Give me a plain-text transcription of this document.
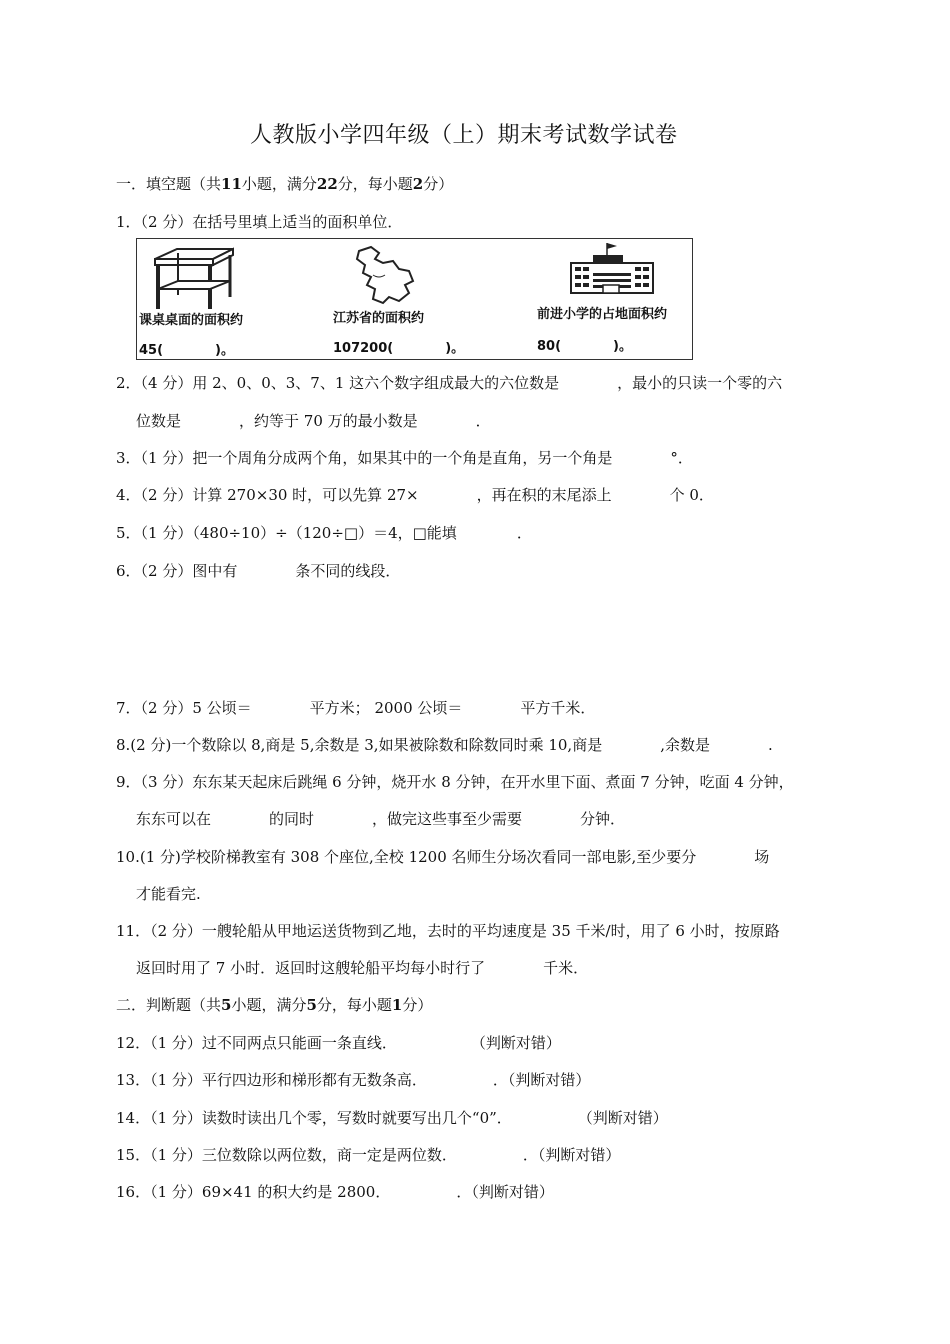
人教版小学四年级（上）期末考试数学试卷
一．填空题（共11小题，满分22分，每小题2分）
1．（2 分）在括号里填上适当的面积单位．
课桌桌面的面积约	江苏省的面积约	前进小学的占地面积约
45(　　　　)。	107200(　　　　)。	80(　　　　)。
2．（4 分）用 2、0、0、3、7、1 这六个数字组成最大的六位数是	，最小的只读一个零的六
位数是	，约等于 70 万的最小数是	．
3．（1 分）把一个周角分成两个角，如果其中的一个角是直角，另一个角是	°．
4．（2 分）计算 270×30 时，可以先算 27×	，再在积的末尾添上	个 0．
5．（1 分）（480÷10）÷（120÷□）＝4，□能填	．
6．（2 分）图中有	条不同的线段．
7．（2 分）5 公顷＝	平方米； 2000 公顷＝	平方千米．
8.(2 分)一个数除以 8,商是 5,余数是 3,如果被除数和除数同时乘 10,商是	,余数是	.
9．（3 分）东东某天起床后跳绳 6 分钟，烧开水 8 分钟，在开水里下面、煮面 7 分钟，吃面 4 分钟，
东东可以在	的同时	，做完这些事至少需要	分钟．
10.(1 分)学校阶梯教室有 308 个座位,全校 1200 名师生分场次看同一部电影,至少要分	场
才能看完.
11．（2 分）一艘轮船从甲地运送货物到乙地，去时的平均速度是 35 千米/时，用了 6 小时，按原路
返回时用了 7 小时．返回时这艘轮船平均每小时行了	千米．
二．判断题（共5小题，满分5分，每小题1分）
12．（1 分）过不同两点只能画一条直线．	（判断对错）
13．（1 分）平行四边形和梯形都有无数条高．	．（判断对错）
14．（1 分）读数时读出几个零，写数时就要写出几个“0”．	（判断对错）
15．（1 分）三位数除以两位数，商一定是两位数．	．（判断对错）
16．（1 分）69×41 的积大约是 2800．	．（判断对错）
